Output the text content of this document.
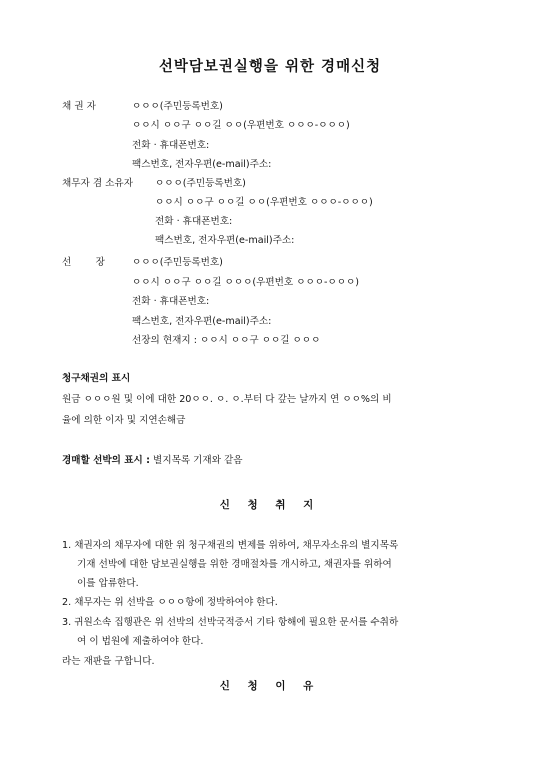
선박담보권실행을 위한 경매신청
채 권 자	ㅇㅇㅇ(주민등록번호)
ㅇㅇ시 ㅇㅇ구 ㅇㅇ길 ㅇㅇ(우편번호 ㅇㅇㅇ-ㅇㅇㅇ)
전화 · 휴대폰번호:
팩스번호, 전자우편(e-mail)주소:
채무자 겸 소유자 ㅇㅇㅇ(주민등록번호)
ㅇㅇ시 ㅇㅇ구 ㅇㅇ길 ㅇㅇ(우편번호 ㅇㅇㅇ-ㅇㅇㅇ)
전화 · 휴대폰번호:
팩스번호, 전자우편(e-mail)주소:
선        장	ㅇㅇㅇ(주민등록번호)
ㅇㅇ시 ㅇㅇ구 ㅇㅇ길 ㅇㅇㅇ(우편번호 ㅇㅇㅇ-ㅇㅇㅇ)
전화 · 휴대폰번호:
팩스번호, 전자우편(e-mail)주소:
선장의 현재지 : ㅇㅇ시 ㅇㅇ구 ㅇㅇ길 ㅇㅇㅇ
청구채권의 표시
원금 ㅇㅇㅇ원 및 이에 대한 20ㅇㅇ. ㅇ. ㅇ.부터 다 갚는 날까지 연 ㅇㅇ%의 비
율에 의한 이자 및 지연손해금
경매할 선박의 표시 : 별지목록 기재와 같음
신 청 취 지
1. 채권자의 채무자에 대한 위 청구채권의 변제를 위하여, 채무자소유의 별지목록
기재 선박에 대한 담보권실행을 위한 경매절차를 개시하고, 채권자를 위하여
이를 압류한다.
2. 채무자는 위 선박을 ㅇㅇㅇ항에 정박하여야 한다.
3. 귀원소속 집행관은 위 선박의 선박국적증서 기타 항해에 필요한 문서를 수취하
여 이 법원에 제출하여야 한다.
라는 재판을 구합니다.
신 청 이 유
